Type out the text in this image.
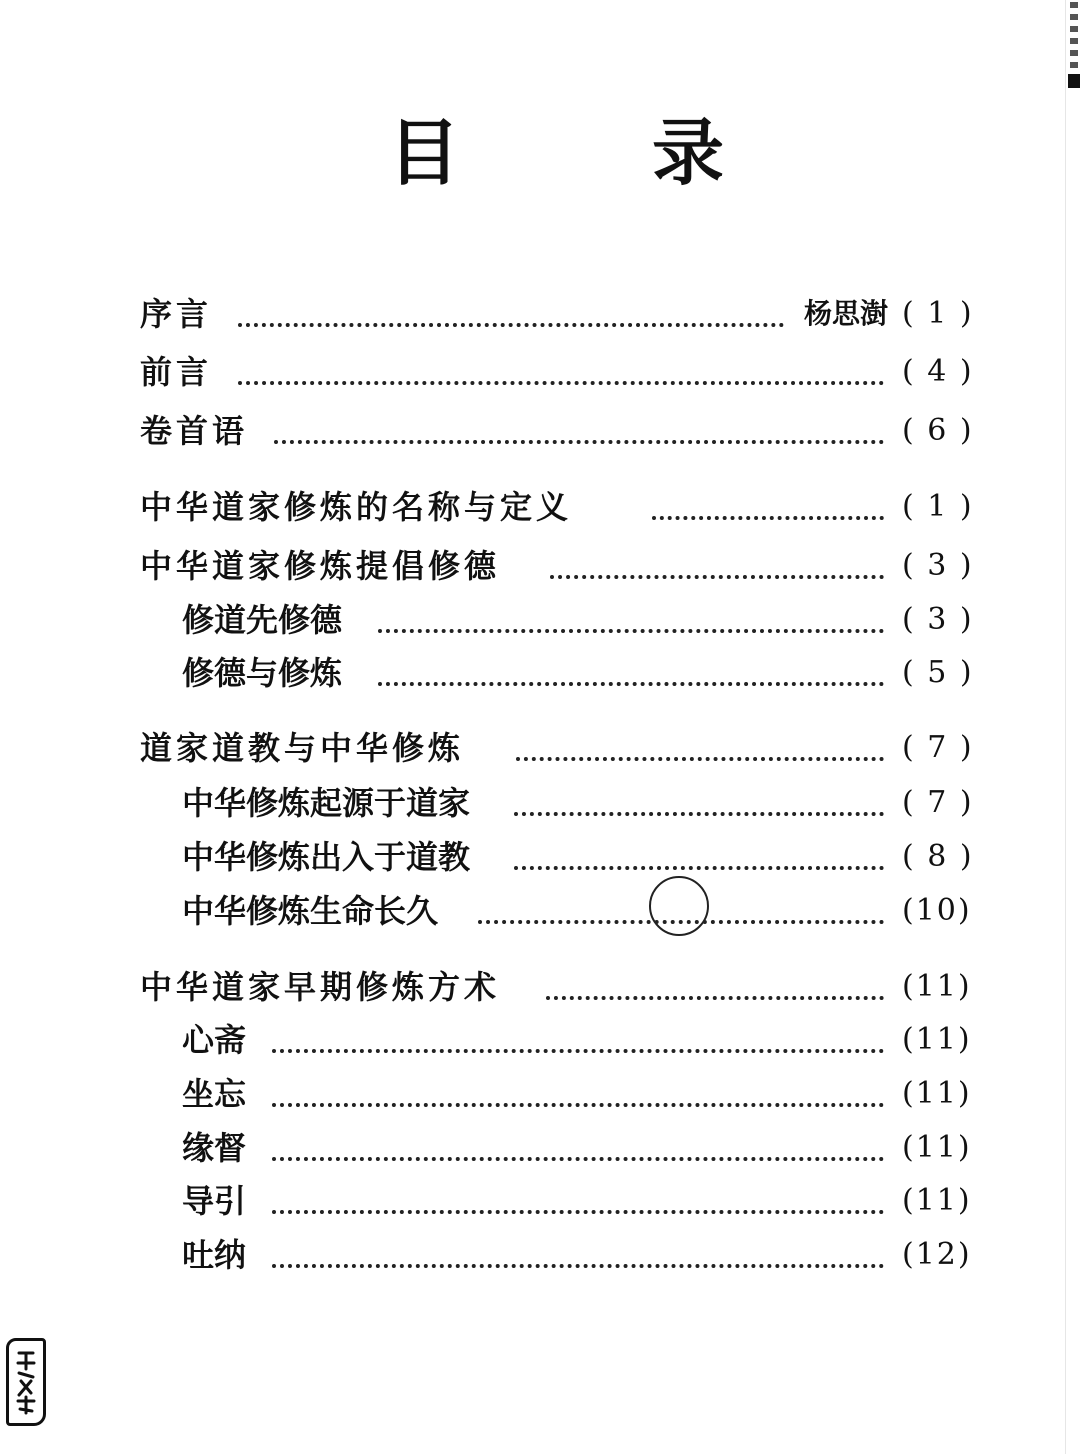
目	录
序言	杨思澍 ( 1 )
前言	( 4 )
卷首语	( 6 )
中华道家修炼的名称与定义	( 1 )
中华道家修炼提倡修德	( 3 )
修道先修德	( 3 )
修德与修炼	( 5 )
道家道教与中华修炼	( 7 )
中华修炼起源于道家	( 7 )
中华修炼出入于道教	( 8 )
中华修炼生命长久	(10)
中华道家早期修炼方术	(11)
心斋	(11)
坐忘	(11)
缘督	(11)
导引	(11)
吐纳	(12)
